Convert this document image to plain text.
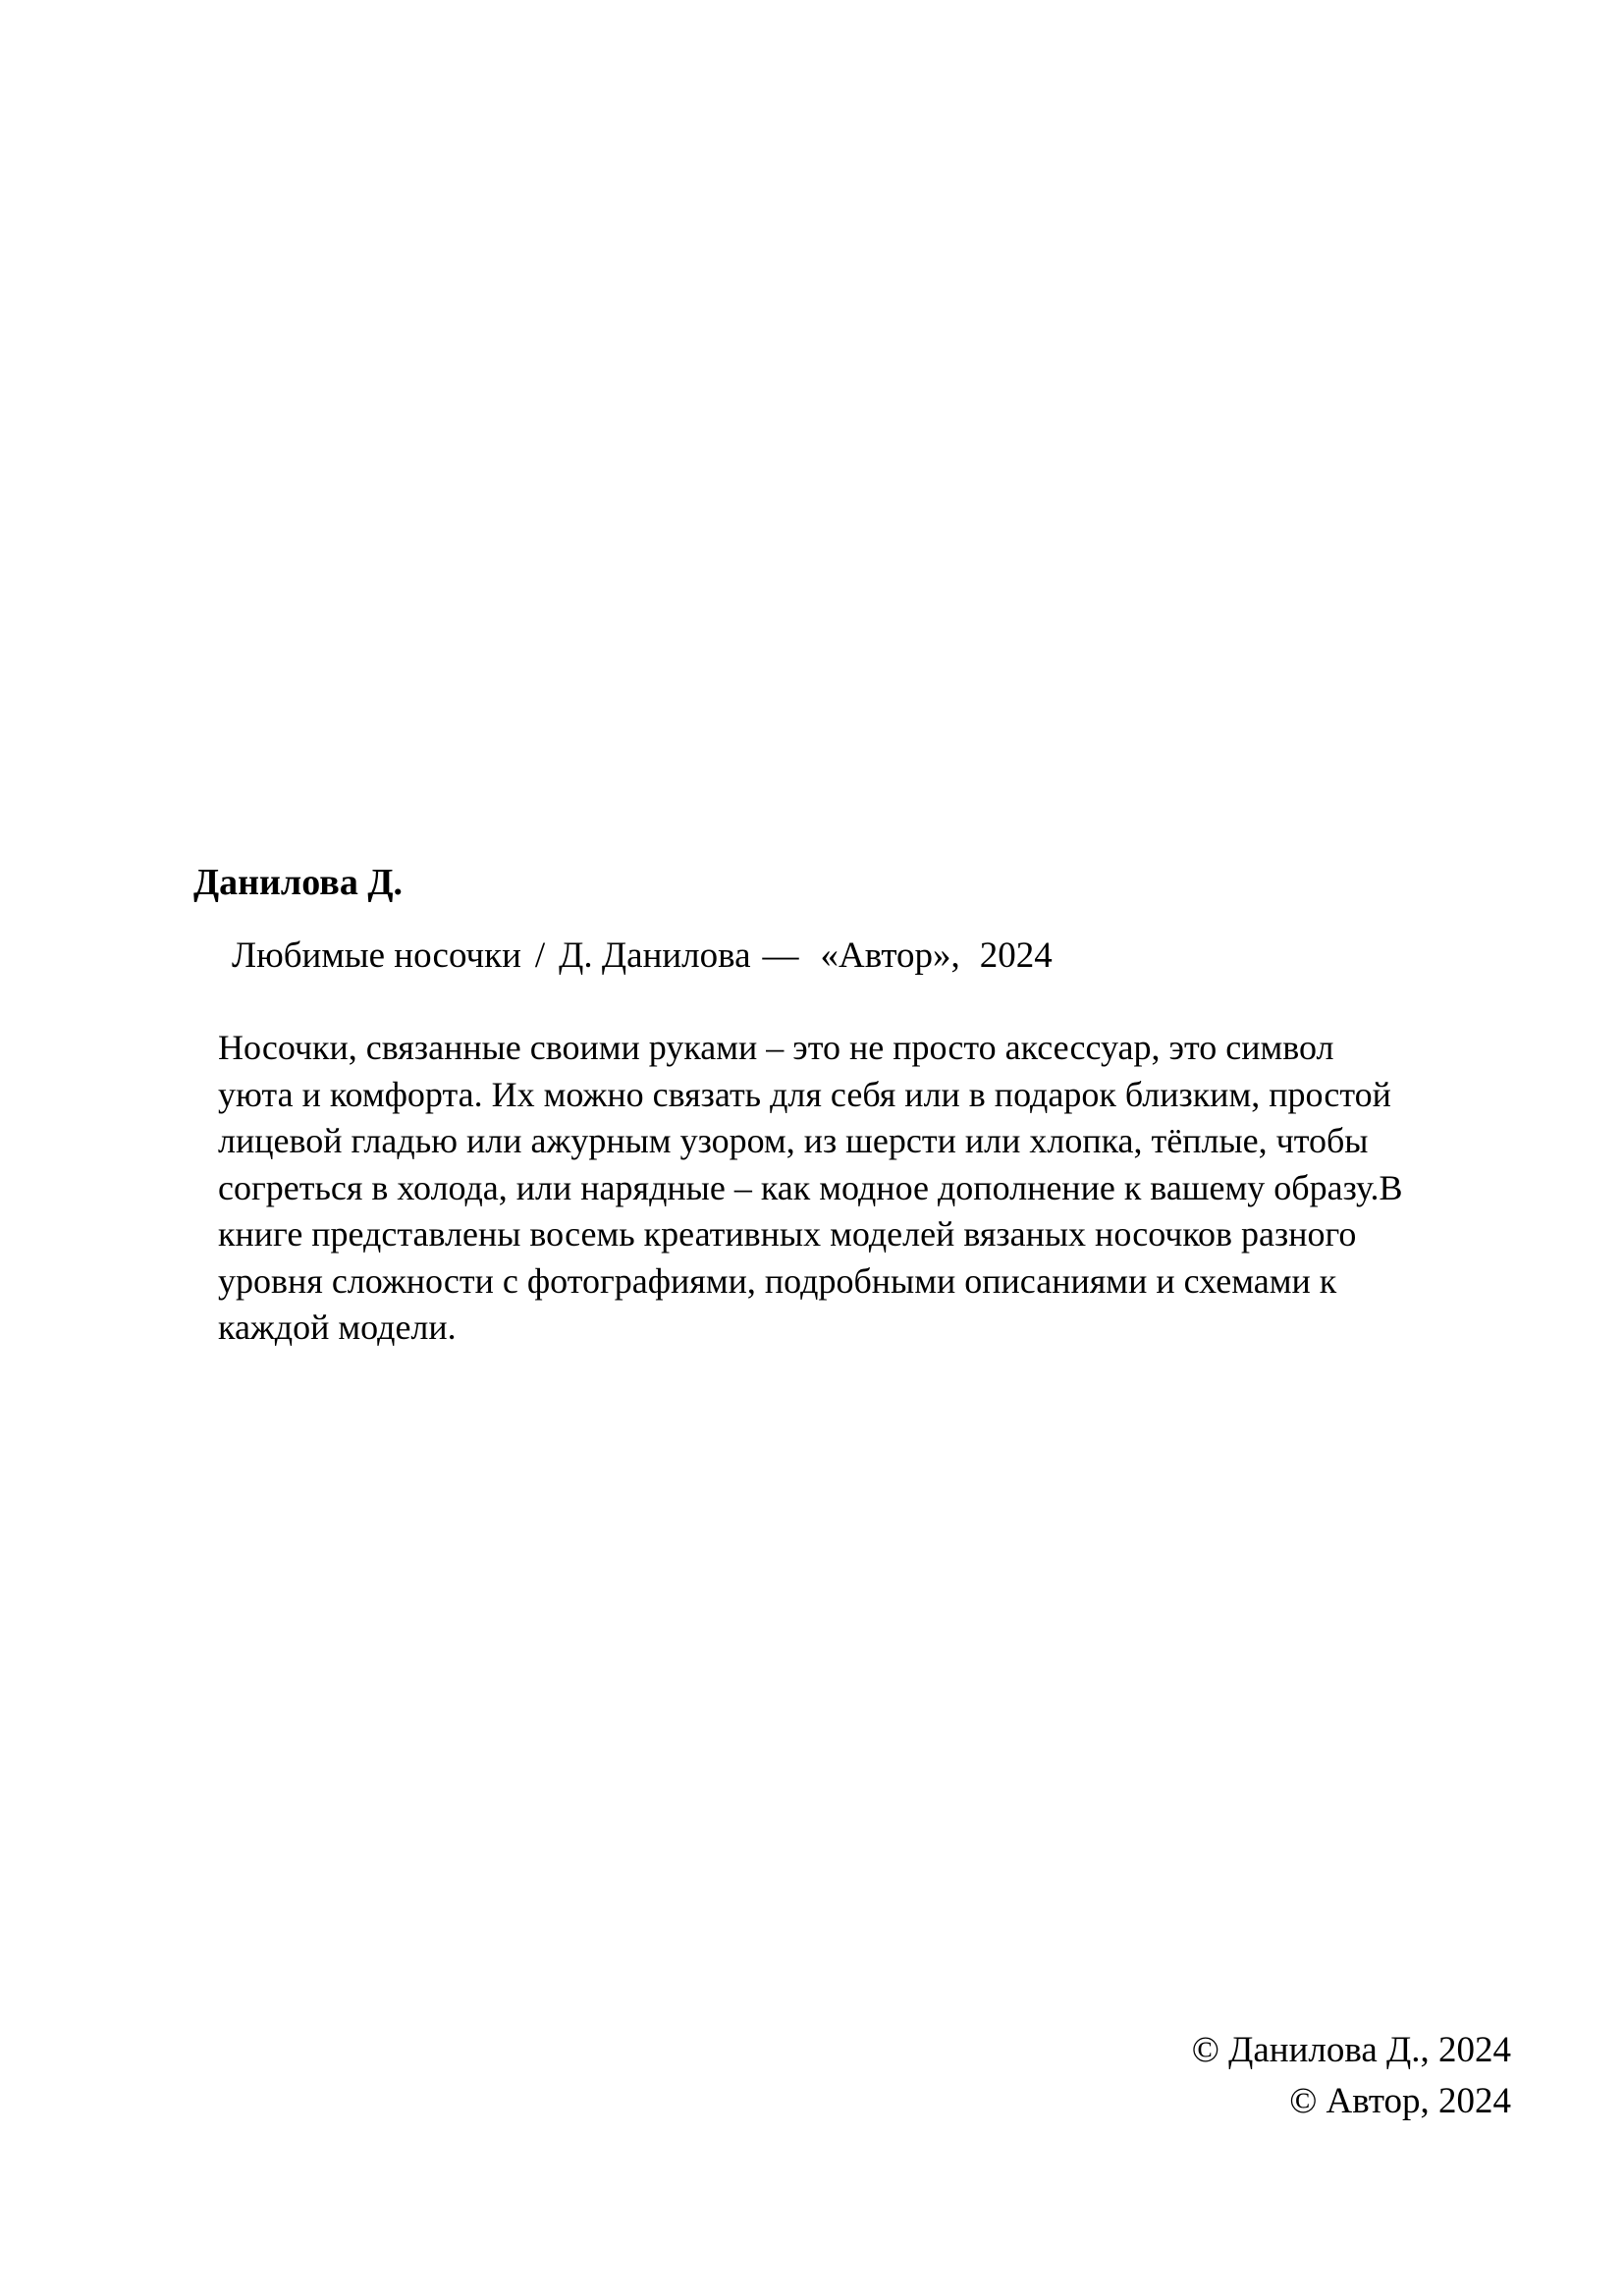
Данилова Д.
Любимые носочки / Д. Данилова — «Автор», 2024

Носочки, связанные своими руками – это не просто аксессуар, это символ
уюта и комфорта. Их можно связать для себя или в подарок близким, простой
лицевой гладью или ажурным узором, из шерсти или хлопка, тёплые, чтобы
согреться в холода, или нарядные – как модное дополнение к вашему образу.В
книге представлены восемь креативных моделей вязаных носочков разного
уровня сложности с фотографиями, подробными описаниями и схемами к
каждой модели.

© Данилова Д., 2024
© Автор, 2024
